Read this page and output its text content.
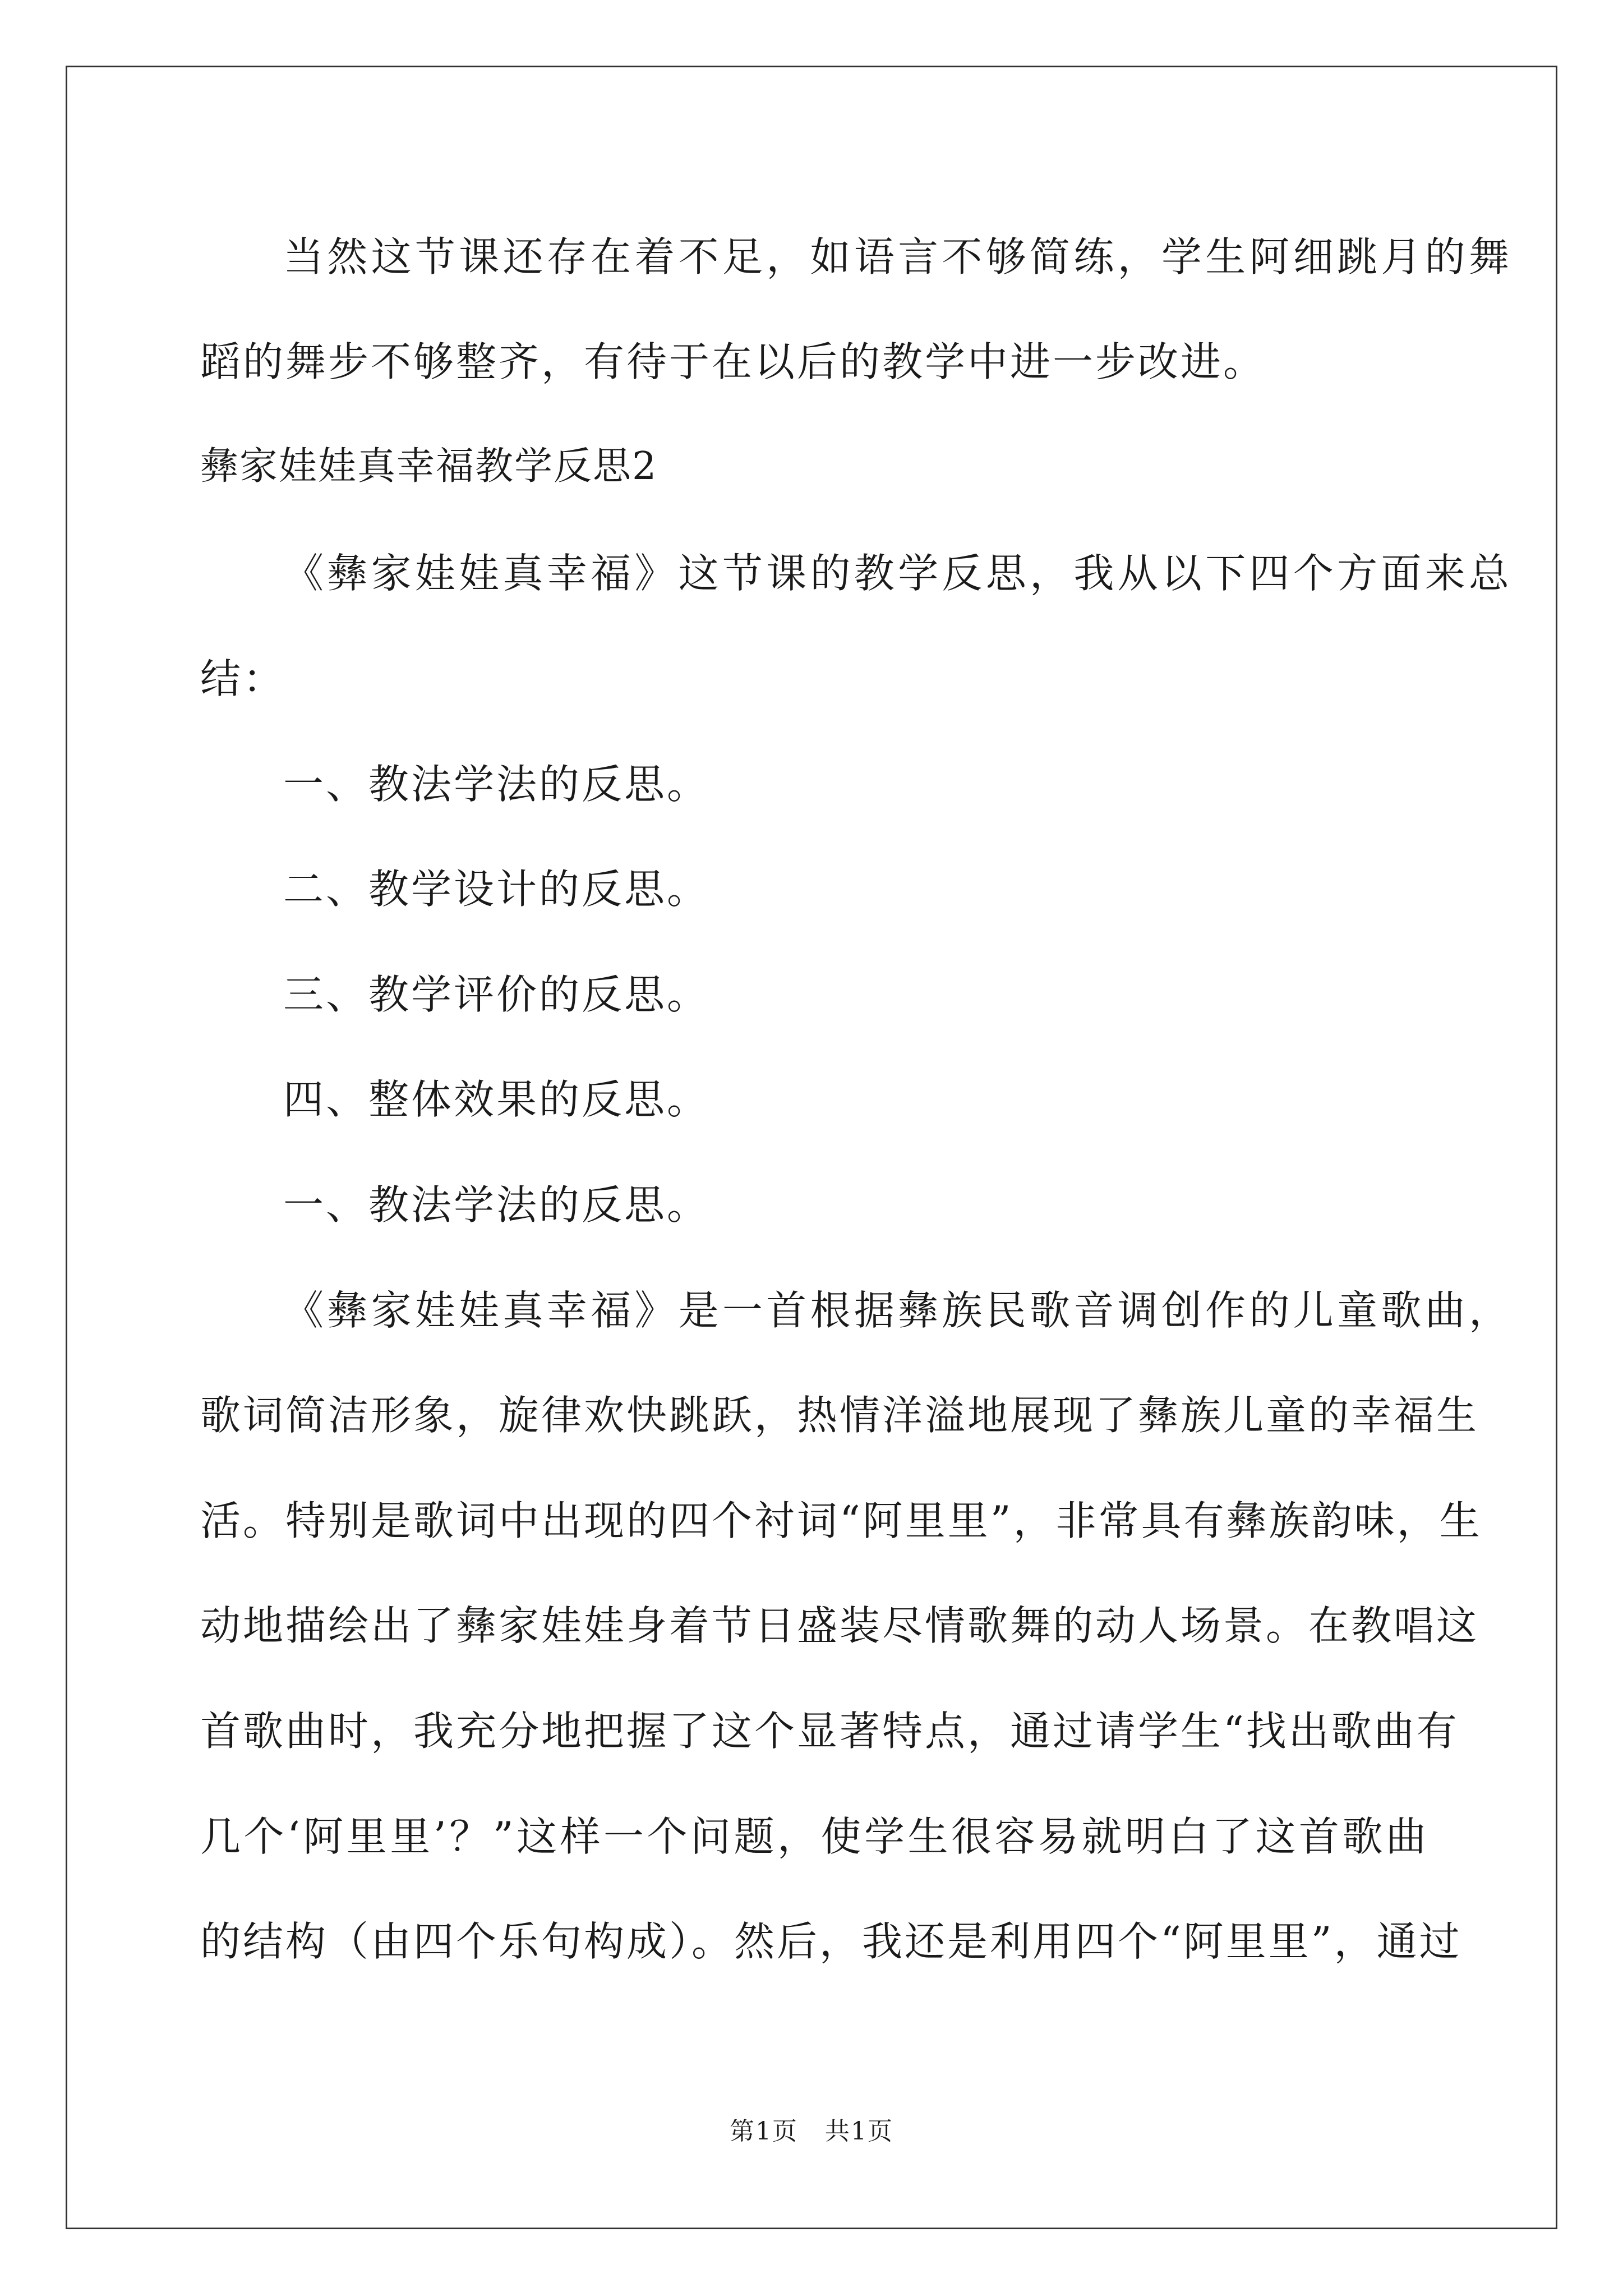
当然这节课还存在着不足，如语言不够简练，学生阿细跳月的舞
蹈的舞步不够整齐，有待于在以后的教学中进一步改进。
彝家娃娃真幸福教学反思2
《彝家娃娃真幸福》这节课的教学反思，我从以下四个方面来总
结：
一、教法学法的反思。
二、教学设计的反思。
三、教学评价的反思。
四、整体效果的反思。
一、教法学法的反思。
《彝家娃娃真幸福》是一首根据彝族民歌音调创作的儿童歌曲，
歌词简洁形象，旋律欢快跳跃，热情洋溢地展现了彝族儿童的幸福生
活。特别是歌词中出现的四个衬词“阿里里”，非常具有彝族韵味，生
动地描绘出了彝家娃娃身着节日盛装尽情歌舞的动人场景。在教唱这
首歌曲时，我充分地把握了这个显著特点，通过请学生“找出歌曲有
几个‘阿里里’？”这样一个问题，使学生很容易就明白了这首歌曲
的结构（由四个乐句构成）。然后，我还是利用四个“阿里里”，通过
第1页 共1页
